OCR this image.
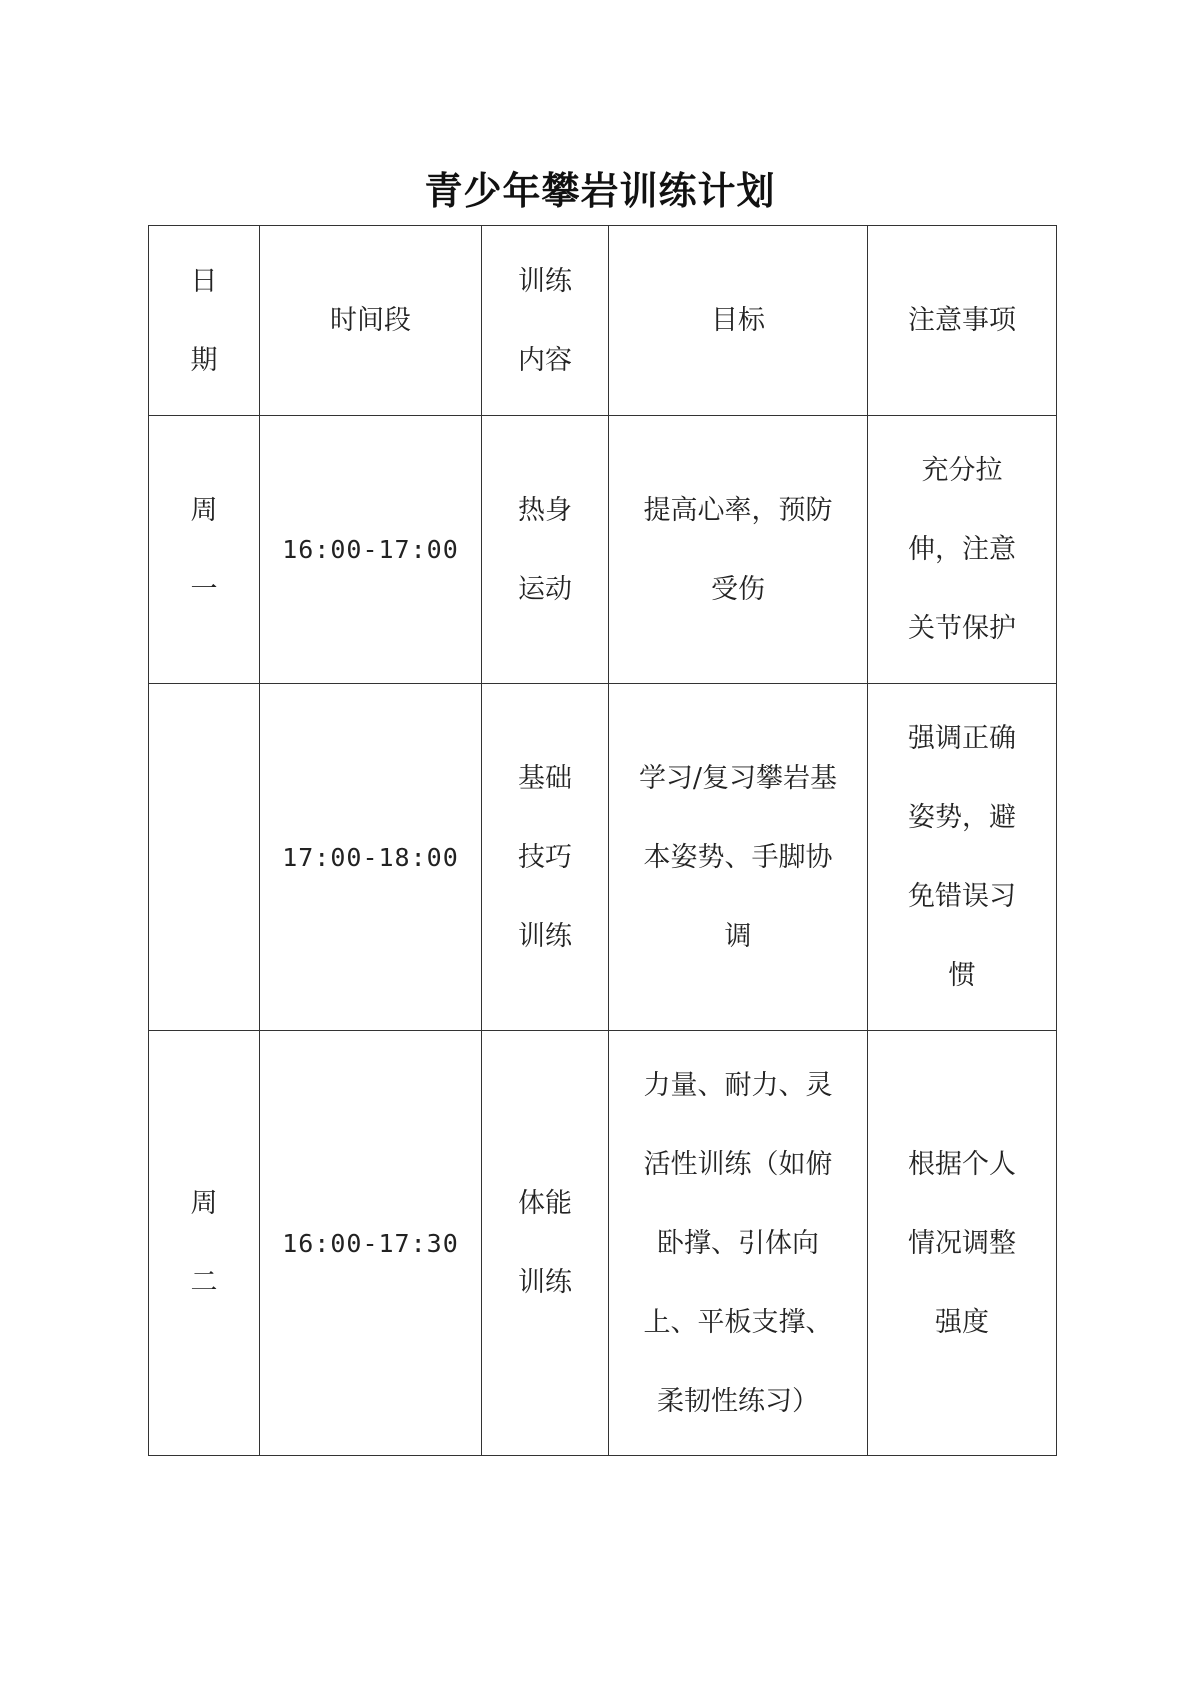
青少年攀岩训练计划
日期	时间段	训练内容	目标	注意事项

周一	16:00-17:00	热身运动	提高心率，预防受伤	充分拉伸，注意关节保护

	17:00-18:00	基础技巧训练	学习/复习攀岩基本姿势、手脚协调	强调正确姿势，避免错误习惯

周二	16:00-17:30	体能训练	力量、耐力、灵活性训练（如俯卧撑、引体向上、平板支撑、柔韧性练习）	根据个人情况调整强度
